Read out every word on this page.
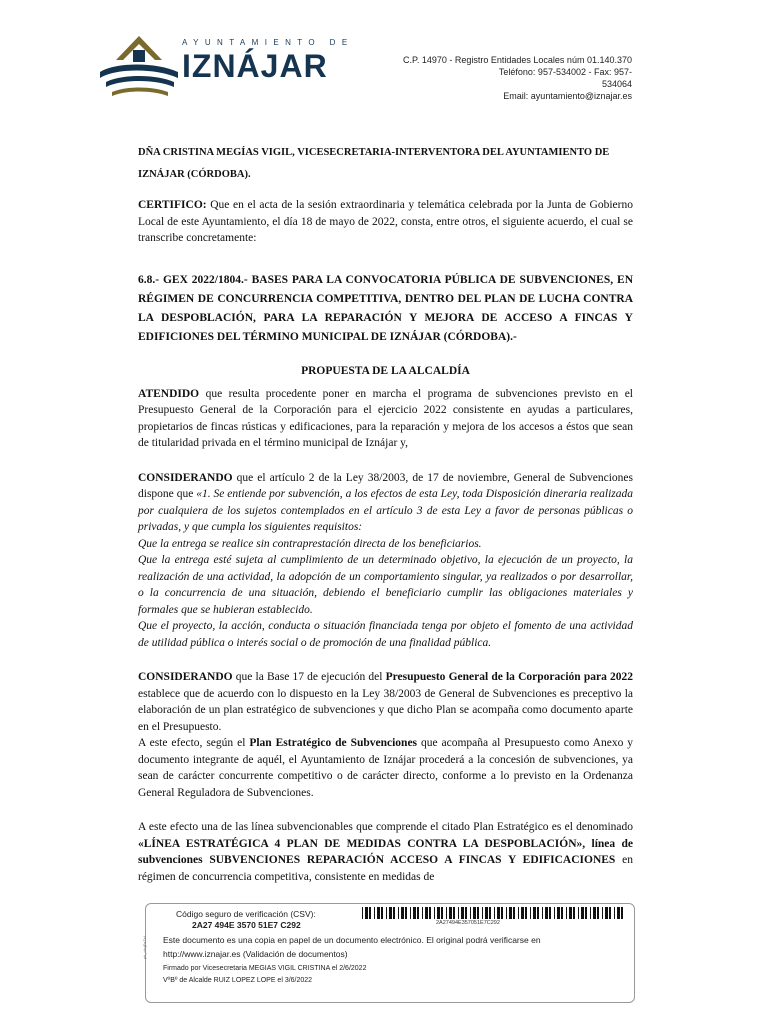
AYUNTAMIENTO DE
IZNÁJAR	C.P. 14970 - Registro Entidades Locales núm 01.140.370
Teléfono: 957-534002 - Fax: 957-
534064
Email: ayuntamiento@iznajar.es

DÑA CRISTINA MEGÍAS VIGIL, VICESECRETARIA-INTERVENTORA DEL AYUNTAMIENTO DE IZNÁJAR (CÓRDOBA).

CERTIFICO: Que en el acta de la sesión extraordinaria y telemática celebrada por la Junta de Gobierno Local de este Ayuntamiento, el día 18 de mayo de 2022, consta, entre otros, el siguiente acuerdo, el cual se transcribe concretamente:

6.8.- GEX 2022/1804.- BASES PARA LA CONVOCATORIA PÚBLICA DE SUBVENCIONES, EN RÉGIMEN DE CONCURRENCIA COMPETITIVA, DENTRO DEL PLAN DE LUCHA CONTRA LA DESPOBLACIÓN, PARA LA REPARACIÓN Y MEJORA DE ACCESO A FINCAS Y EDIFICIONES DEL TÉRMINO MUNICIPAL DE IZNÁJAR (CÓRDOBA).-

PROPUESTA DE LA ALCALDÍA

ATENDIDO que resulta procedente poner en marcha el programa de subvenciones previsto en el Presupuesto General de la Corporación para el ejercicio 2022 consistente en ayudas a particulares, propietarios de fincas rústicas y edificaciones, para la reparación y mejora de los accesos a éstos que sean de titularidad privada en el término municipal de Iznájar y,

CONSIDERANDO que el artículo 2 de la Ley 38/2003, de 17 de noviembre, General de Subvenciones dispone que «1. Se entiende por subvención, a los efectos de esta Ley, toda Disposición dineraria realizada por cualquiera de los sujetos contemplados en el artículo 3 de esta Ley a favor de personas públicas o privadas, y que cumpla los siguientes requisitos:

Que la entrega se realice sin contraprestación directa de los beneficiarios.

Que la entrega esté sujeta al cumplimiento de un determinado objetivo, la ejecución de un proyecto, la realización de una actividad, la adopción de un comportamiento singular, ya realizados o por desarrollar, o la concurrencia de una situación, debiendo el beneficiario cumplir las obligaciones materiales y formales que se hubieran establecido.

Que el proyecto, la acción, conducta o situación financiada tenga por objeto el fomento de una actividad de utilidad pública o interés social o de promoción de una finalidad pública.

CONSIDERANDO que la Base 17 de ejecución del Presupuesto General de la Corporación para 2022 establece que de acuerdo con lo dispuesto en la Ley 38/2003 de General de Subvenciones es preceptivo la elaboración de un plan estratégico de subvenciones y que dicho Plan se acompaña como documento aparte en el Presupuesto.

A este efecto, según el Plan Estratégico de Subvenciones que acompaña al Presupuesto como Anexo y documento integrante de aquél, el Ayuntamiento de Iznájar procederá a la concesión de subvenciones, ya sean de carácter concurrente competitivo o de carácter directo, conforme a lo previsto en la Ordenanza General Reguladora de Subvenciones.

A este efecto una de las línea subvencionables que comprende el citado Plan Estratégico es el denominado «LÍNEA ESTRATÉGICA 4 PLAN DE MEDIDAS CONTRA LA DESPOBLACIÓN», línea de subvenciones SUBVENCIONES REPARACIÓN ACCESO A FINCAS Y EDIFICACIONES en régimen de concurrencia competitiva, consistente en medidas de

pk_ckqFaZxL
Código seguro de verificación (CSV):
2A27 494E 3570 51E7 C292	2A27494E357051E7C292
Este documento es una copia en papel de un documento electrónico. El original podrá verificarse en
http://www.iznajar.es (Validación de documentos)
Firmado por Vicesecretaria MEGIAS VIGIL CRISTINA el 2/6/2022
VºBº de Alcalde RUIZ LOPEZ LOPE el 3/6/2022
